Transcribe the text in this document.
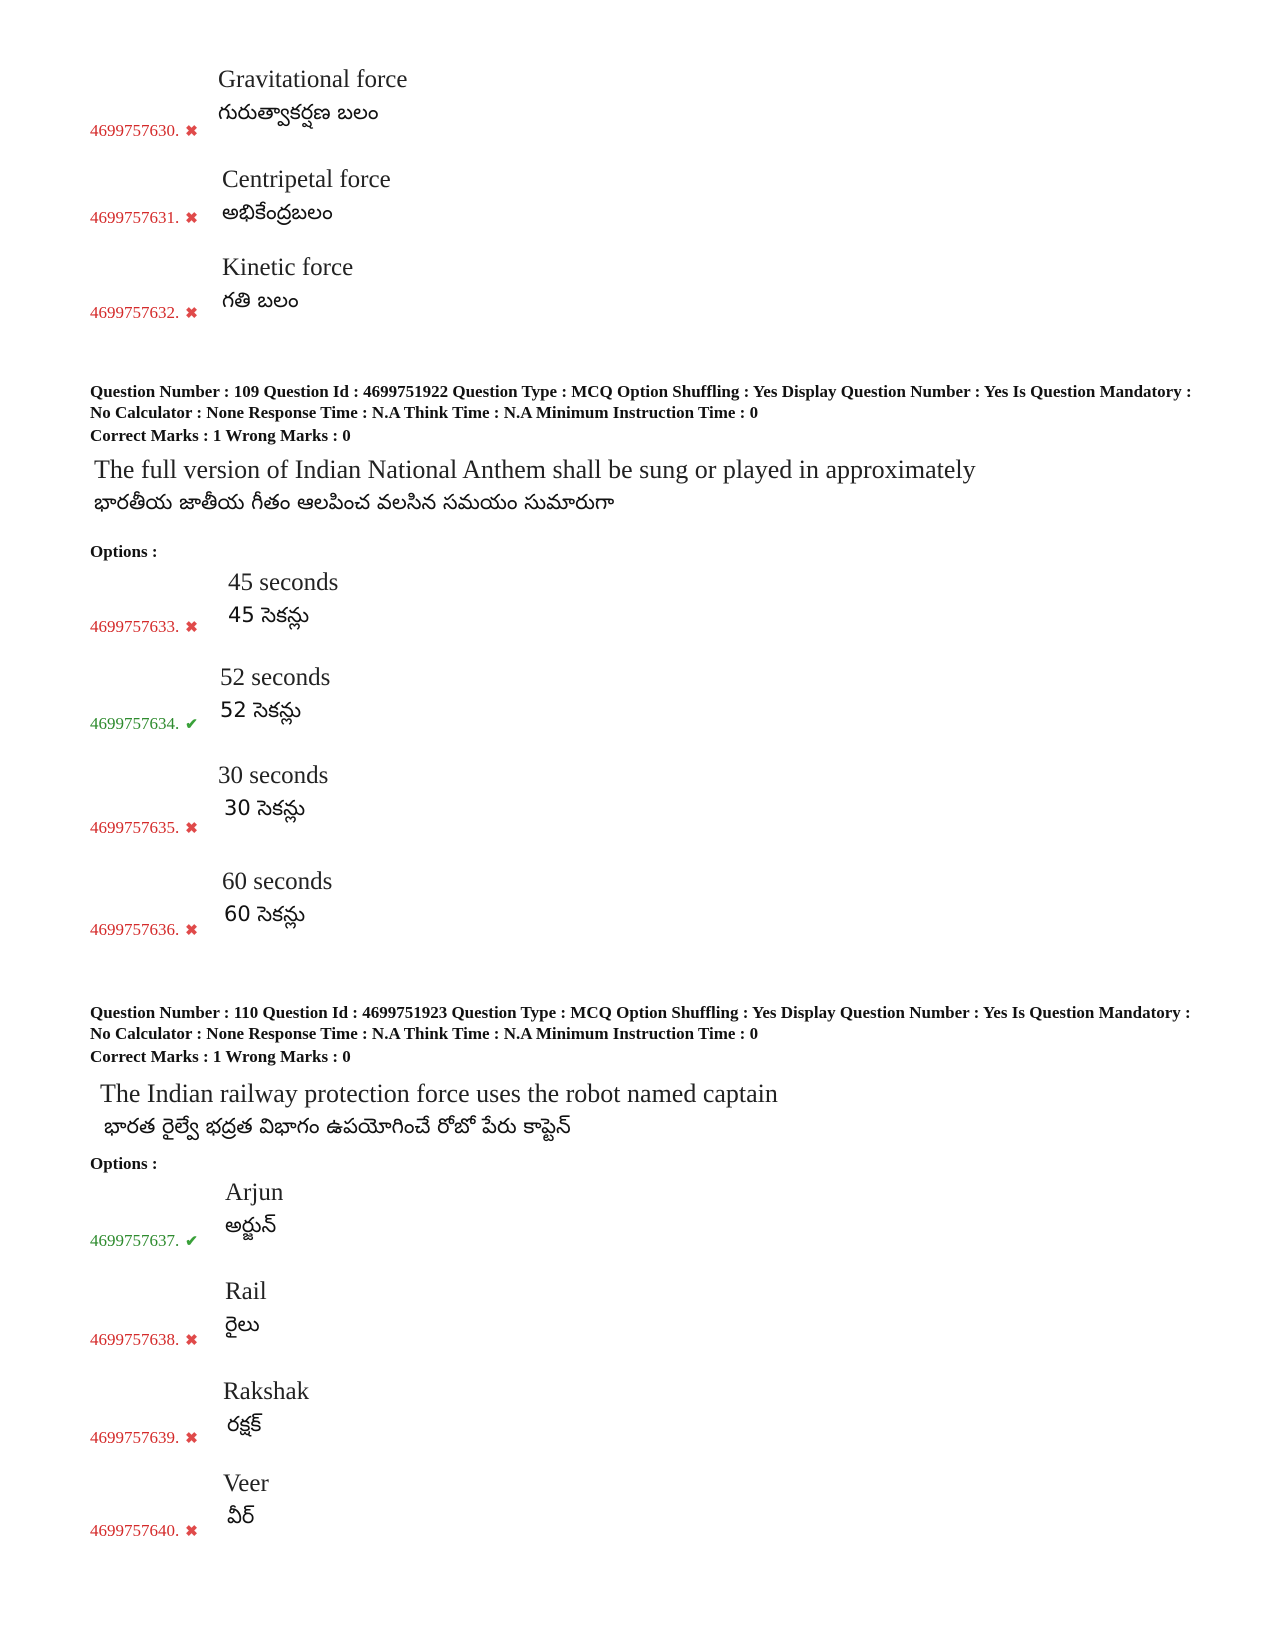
Gravitational force
గురుత్వాకర్షణ బలం
4699757630. ✖
Centripetal force
అభికేంద్రబలం
4699757631. ✖
Kinetic force
గతి బలం
4699757632. ✖
Question Number : 109 Question Id : 4699751922 Question Type : MCQ Option Shuffling : Yes Display Question Number : Yes Is Question Mandatory : No Calculator : None Response Time : N.A Think Time : N.A Minimum Instruction Time : 0
Correct Marks : 1 Wrong Marks : 0
The full version of Indian National Anthem shall be sung or played in approximately
భారతీయ జాతీయ గీతం ఆలపించ వలసిన సమయం సుమారుగా
Options :
45 seconds
45 సెకన్లు
4699757633. ✖
52 seconds
52 సెకన్లు
4699757634. ✔
30 seconds
30 సెకన్లు
4699757635. ✖
60 seconds
60 సెకన్లు
4699757636. ✖
Question Number : 110 Question Id : 4699751923 Question Type : MCQ Option Shuffling : Yes Display Question Number : Yes Is Question Mandatory : No Calculator : None Response Time : N.A Think Time : N.A Minimum Instruction Time : 0
Correct Marks : 1 Wrong Marks : 0
The Indian railway protection force uses the robot named captain
భారత రైల్వే భద్రత విభాగం ఉపయోగించే రోబో పేరు కాప్టెన్
Options :
Arjun
అర్జున్
4699757637. ✔
Rail
రైలు
4699757638. ✖
Rakshak
రక్షక్
4699757639. ✖
Veer
వీర్
4699757640. ✖
